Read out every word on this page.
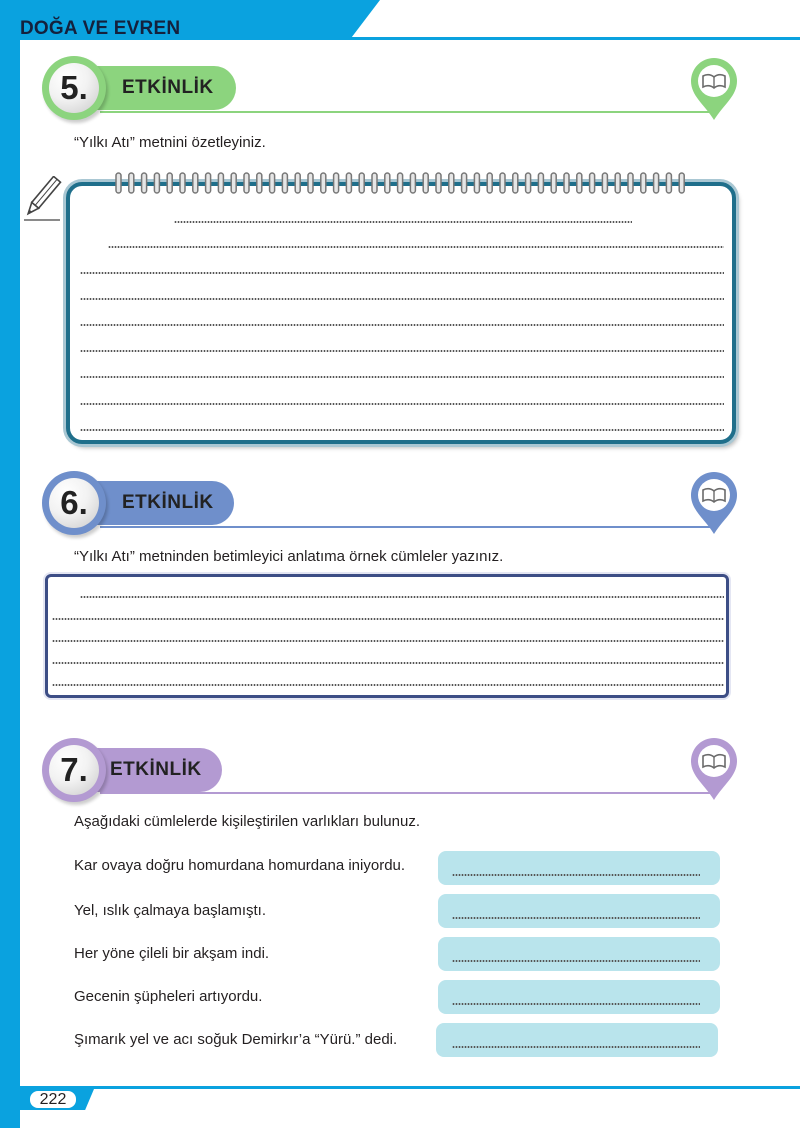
DOĞA VE EVREN
ETKİNLİK
5.
“Yılkı Atı” metnini özetleyiniz.
ETKİNLİK
6.
“Yılkı Atı” metninden betimleyici anlatıma örnek cümleler yazınız.
ETKİNLİK
7.
Aşağıdaki cümlelerde kişileştirilen varlıkları bulunuz.
Kar ovaya doğru homurdana homurdana iniyordu.
Yel, ıslık çalmaya başlamıştı.
Her yöne çileli bir akşam indi.
Gecenin şüpheleri artıyordu.
Şımarık yel ve acı soğuk Demirkır’a “Yürü.” dedi.
222
